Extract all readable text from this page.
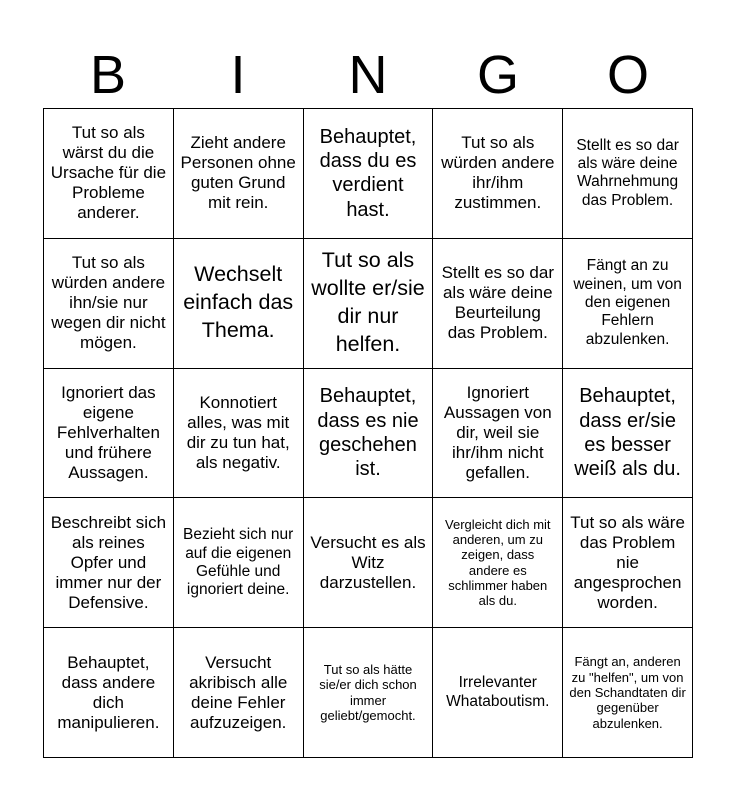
B	I	N	G	O
Tut so als wärst du die Ursache für die Probleme anderer.
Zieht andere Personen ohne guten Grund mit rein.
Behauptet, dass du es verdient hast.
Tut so als würden andere ihr/ihm zustimmen.
Stellt es so dar als wäre deine Wahrnehmung das Problem.
Tut so als würden andere ihn/sie nur wegen dir nicht mögen.
Wechselt einfach das Thema.
Tut so als wollte er/sie dir nur helfen.
Stellt es so dar als wäre deine Beurteilung das Problem.
Fängt an zu weinen, um von den eigenen Fehlern abzulenken.
Ignoriert das eigene Fehlverhalten und frühere Aussagen.
Konnotiert alles, was mit dir zu tun hat, als negativ.
Behauptet, dass es nie geschehen ist.
Ignoriert Aussagen von dir, weil sie ihr/ihm nicht gefallen.
Behauptet, dass er/sie es besser weiß als du.
Beschreibt sich als reines Opfer und immer nur der Defensive.
Bezieht sich nur auf die eigenen Gefühle und ignoriert deine.
Versucht es als Witz darzustellen.
Vergleicht dich mit anderen, um zu zeigen, dass andere es schlimmer haben als du.
Tut so als wäre das Problem nie angesprochen worden.
Behauptet, dass andere dich manipulieren.
Versucht akribisch alle deine Fehler aufzuzeigen.
Tut so als hätte sie/er dich schon immer geliebt/gemocht.
Irrelevanter Whataboutism.
Fängt an, anderen zu "helfen", um von den Schandtaten dir gegenüber abzulenken.
